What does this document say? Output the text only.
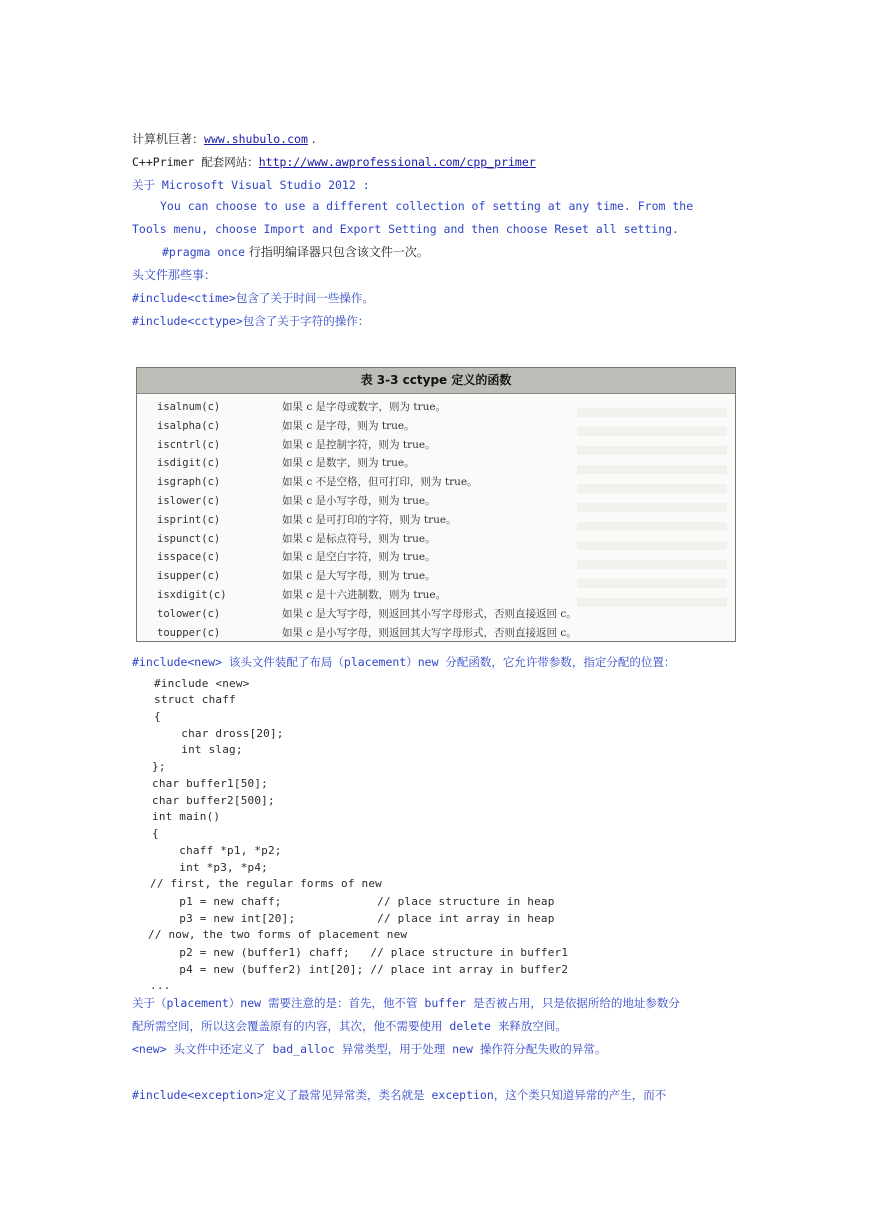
计算机巨著：www.shubulo.com .
C++Primer 配套网站：http://www.awprofessional.com/cpp_primer
关于 Microsoft Visual Studio 2012 :
You can choose to use a different collection of setting at any time. From the
Tools menu, choose Import and Export Setting and then choose Reset all setting.
#pragma once 行指明编译器只包含该文件一次。
头文件那些事：
#include<ctime>包含了关于时间一些操作。
#include<cctype>包含了关于字符的操作：
表 3-3 cctype 定义的函数
isalnum(c)	如果 c 是字母或数字，则为 true。
isalpha(c)	如果 c 是字母，则为 true。
iscntrl(c)	如果 c 是控制字符，则为 true。
isdigit(c)	如果 c 是数字，则为 true。
isgraph(c)	如果 c 不是空格，但可打印，则为 true。
islower(c)	如果 c 是小写字母，则为 true。
isprint(c)	如果 c 是可打印的字符，则为 true。
ispunct(c)	如果 c 是标点符号，则为 true。
isspace(c)	如果 c 是空白字符，则为 true。
isupper(c)	如果 c 是大写字母，则为 true。
isxdigit(c)	如果 c 是十六进制数，则为 true。
tolower(c)	如果 c 是大写字母，则返回其小写字母形式，否则直接返回 c。
toupper(c)	如果 c 是小写字母，则返回其大写字母形式，否则直接返回 c。
#include<new> 该头文件装配了布局（placement）new 分配函数，它允许带参数，指定分配的位置：
#include <new>
struct chaff
{
char dross[20];
int slag;
};
char buffer1[50];
char buffer2[500];
int main()
{
chaff *p1, *p2;
int *p3, *p4;
// first, the regular forms of new
p1 = new chaff;              // place structure in heap
p3 = new int[20];            // place int array in heap
// now, the two forms of placement new
p2 = new (buffer1) chaff;   // place structure in buffer1
p4 = new (buffer2) int[20]; // place int array in buffer2
...
关于（placement）new 需要注意的是：首先，他不管 buffer 是否被占用，只是依据所给的地址参数分
配所需空间，所以这会覆盖原有的内容，其次，他不需要使用 delete 来释放空间。
<new> 头文件中还定义了 bad_alloc 异常类型，用于处理 new 操作符分配失败的异常。
#include<exception>定义了最常见异常类，类名就是 exception，这个类只知道异常的产生，而不
